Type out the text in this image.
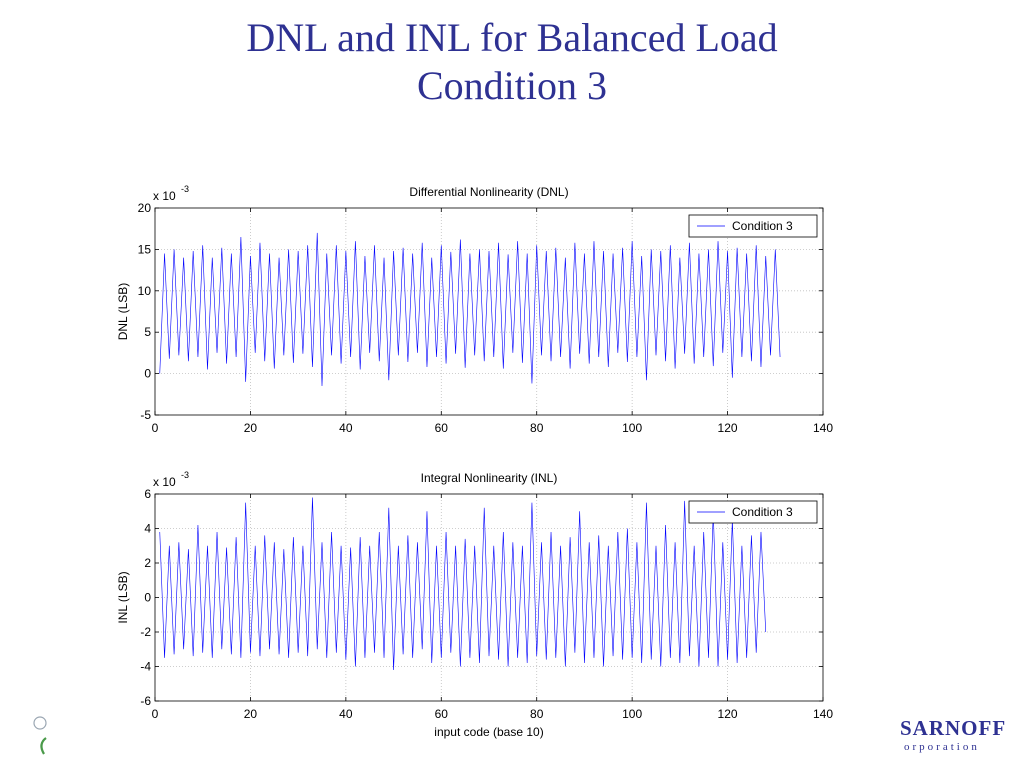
DNL and INL for Balanced Load
Condition 3
0	20	40	60	80	100	120	140
-5
0
5
10
15
20
x 10 -3	Differential Nonlinearity (DNL)
DNL (LSB)
Condition 3
0	20	40	60	80	100	120	140
-6
-4
-2
0
2
4
6
x 10 -3	Integral Nonlinearity (INL)
INL (LSB)
input code (base 10)
Condition 3
SARNOFF
orporation
